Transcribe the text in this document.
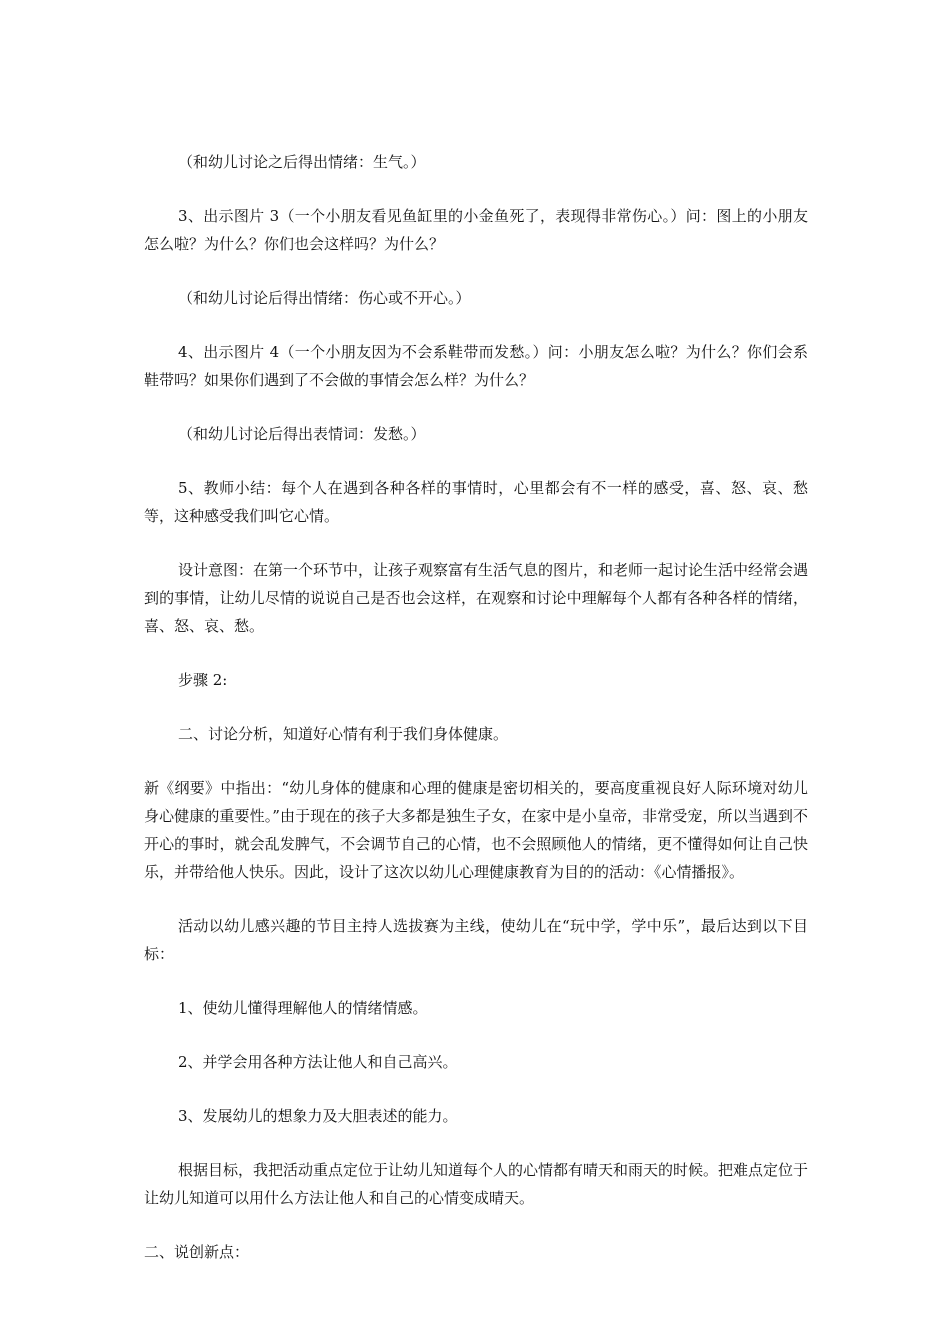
（和幼儿讨论之后得出情绪：生气。）

3、出示图片 3（一个小朋友看见鱼缸里的小金鱼死了，表现得非常伤心。）问：图上的小朋友怎么啦？为什么？你们也会这样吗？为什么？

（和幼儿讨论后得出情绪：伤心或不开心。）

4、出示图片 4（一个小朋友因为不会系鞋带而发愁。）问：小朋友怎么啦？为什么？你们会系鞋带吗？如果你们遇到了不会做的事情会怎么样？为什么？

（和幼儿讨论后得出表情词：发愁。）

5、教师小结：每个人在遇到各种各样的事情时，心里都会有不一样的感受，喜、怒、哀、愁等，这种感受我们叫它心情。

设计意图：在第一个环节中，让孩子观察富有生活气息的图片，和老师一起讨论生活中经常会遇到的事情，让幼儿尽情的说说自己是否也会这样，在观察和讨论中理解每个人都有各种各样的情绪，喜、怒、哀、愁。

步骤 2:

二、讨论分析，知道好心情有利于我们身体健康。

新《纲要》中指出：“幼儿身体的健康和心理的健康是密切相关的，要高度重视良好人际环境对幼儿身心健康的重要性。”由于现在的孩子大多都是独生子女，在家中是小皇帝，非常受宠，所以当遇到不开心的事时，就会乱发脾气，不会调节自己的心情，也不会照顾他人的情绪，更不懂得如何让自己快乐，并带给他人快乐。因此，设计了这次以幼儿心理健康教育为目的的活动：《心情播报》。

活动以幼儿感兴趣的节目主持人选拔赛为主线，使幼儿在“玩中学，学中乐”，最后达到以下目标：

1、使幼儿懂得理解他人的情绪情感。

2、并学会用各种方法让他人和自己高兴。

3、发展幼儿的想象力及大胆表述的能力。

根据目标，我把活动重点定位于让幼儿知道每个人的心情都有晴天和雨天的时候。把难点定位于让幼儿知道可以用什么方法让他人和自己的心情变成晴天。

二、说创新点：
